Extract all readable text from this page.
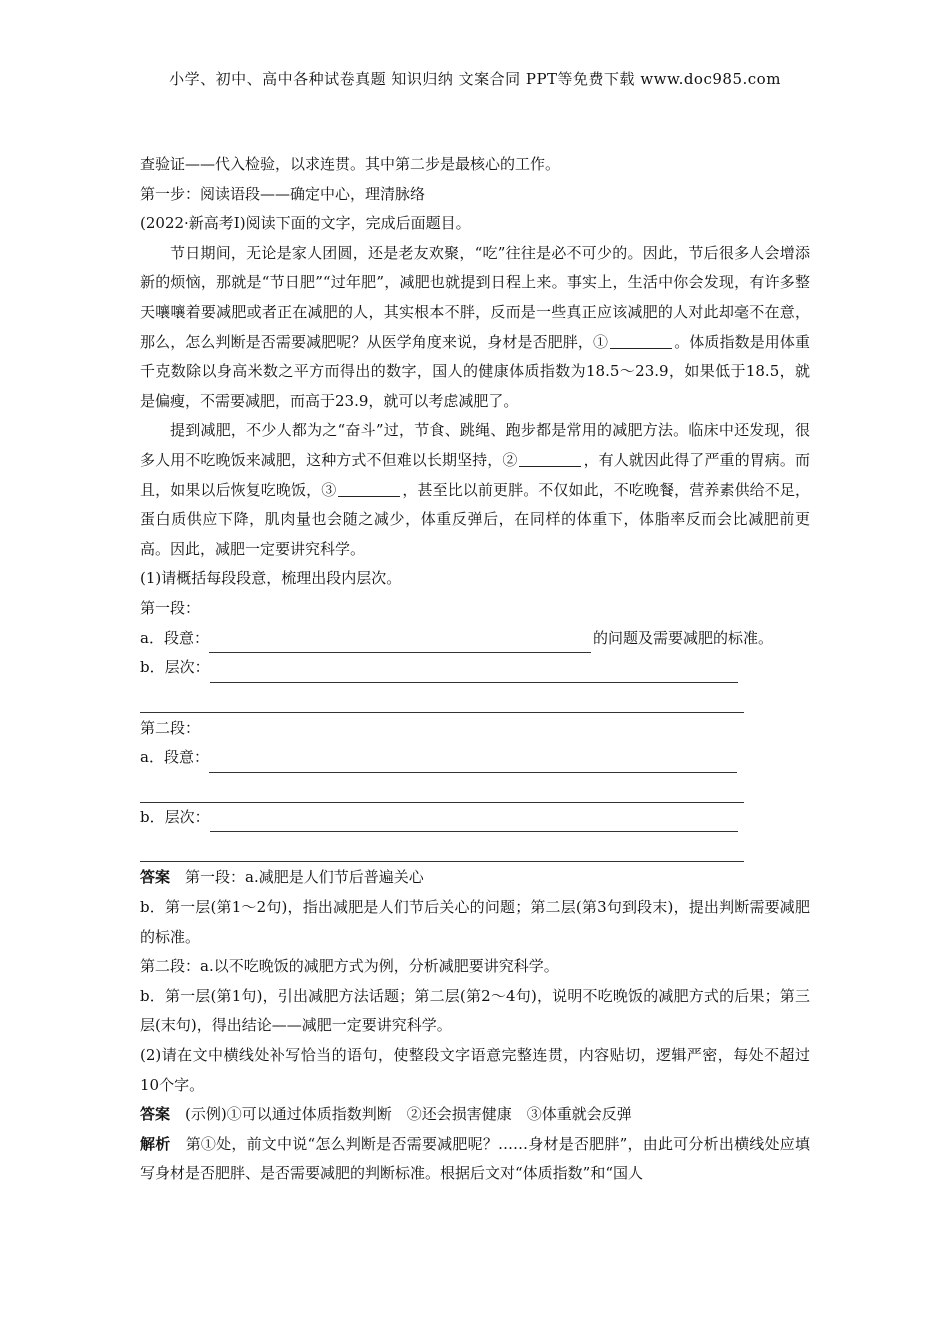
小学、初中、高中各种试卷真题 知识归纳 文案合同 PPT等免费下载 www.doc985.com

查验证——代入检验，以求连贯。其中第二步是最核心的工作。

第一步：阅读语段——确定中心，理清脉络

(2022·新高考Ⅰ)阅读下面的文字，完成后面题目。

节日期间，无论是家人团圆，还是老友欢聚，“吃”往往是必不可少的。因此，节后很多人会增添新的烦恼，那就是“节日肥”“过年肥”，减肥也就提到日程上来。事实上，生活中你会发现，有许多整天嚷嚷着要减肥或者正在减肥的人，其实根本不胖，反而是一些真正应该减肥的人对此却毫不在意，那么，怎么判断是否需要减肥呢？从医学角度来说，身材是否肥胖，①	。体质指数是用体重千克数除以身高米数之平方而得出的数字，国人的健康体质指数为18.5～23.9，如果低于18.5，就是偏瘦，不需要减肥，而高于23.9，就可以考虑减肥了。

提到减肥，不少人都为之“奋斗”过，节食、跳绳、跑步都是常用的减肥方法。临床中还发现，很多人用不吃晚饭来减肥，这种方式不但难以长期坚持，②	，有人就因此得了严重的胃病。而且，如果以后恢复吃晚饭，③	，甚至比以前更胖。不仅如此，不吃晚餐，营养素供给不足，蛋白质供应下降，肌肉量也会随之减少，体重反弹后，在同样的体重下，体脂率反而会比减肥前更高。因此，减肥一定要讲究科学。

(1)请概括每段段意，梳理出段内层次。

第一段：

a．段意：	的问题及需要减肥的标准。
b．层次：

第二段：

a．段意：
b．层次：

答案　 第一段：a.减肥是人们节后普遍关心

b．第一层(第1～2句)，指出减肥是人们节后关心的问题；第二层(第3句到段末)，提出判断需要减肥的标准。

第二段：a.以不吃晚饭的减肥方式为例，分析减肥要讲究科学。

b．第一层(第1句)，引出减肥方法话题；第二层(第2～4句)，说明不吃晚饭的减肥方式的后果；第三层(末句)，得出结论——减肥一定要讲究科学。

(2)请在文中横线处补写恰当的语句，使整段文字语意完整连贯，内容贴切，逻辑严密，每处不超过10个字。

答案　 (示例)①可以通过体质指数判断　②还会损害健康　③体重就会反弹

解析　 第①处，前文中说“怎么判断是否需要减肥呢？……身材是否肥胖”，由此可分析出横线处应填写身材是否肥胖、是否需要减肥的判断标准。根据后文对“体质指数”和“国人
